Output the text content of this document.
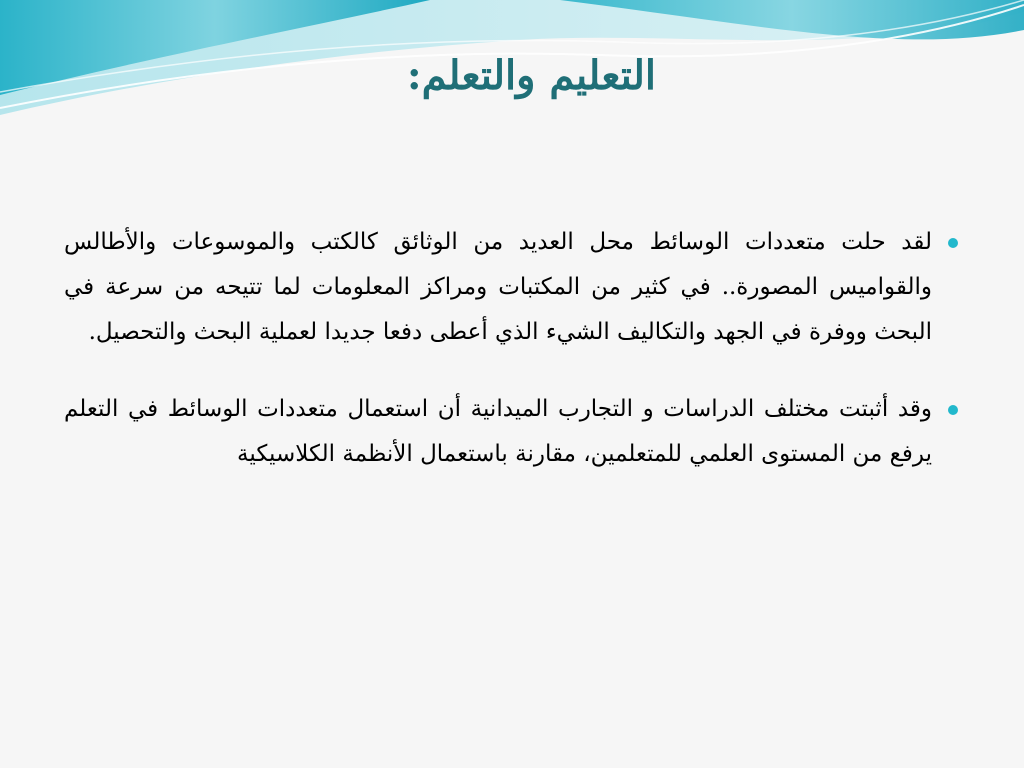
التعليم والتعلم:

لقد حلت متعددات الوسائط محل العديد من الوثائق كالكتب والموسوعات والأطالس والقواميس المصورة.. في كثير من المكتبات ومراكز المعلومات لما تتيحه من سرعة في البحث ووفرة في الجهد والتكاليف الشيء الذي أعطى دفعا جديدا لعملية البحث والتحصيل.

وقد أثبتت مختلف الدراسات و التجارب الميدانية أن استعمال متعددات الوسائط في التعلم يرفع من المستوى العلمي للمتعلمين، مقارنة باستعمال الأنظمة الكلاسيكية
